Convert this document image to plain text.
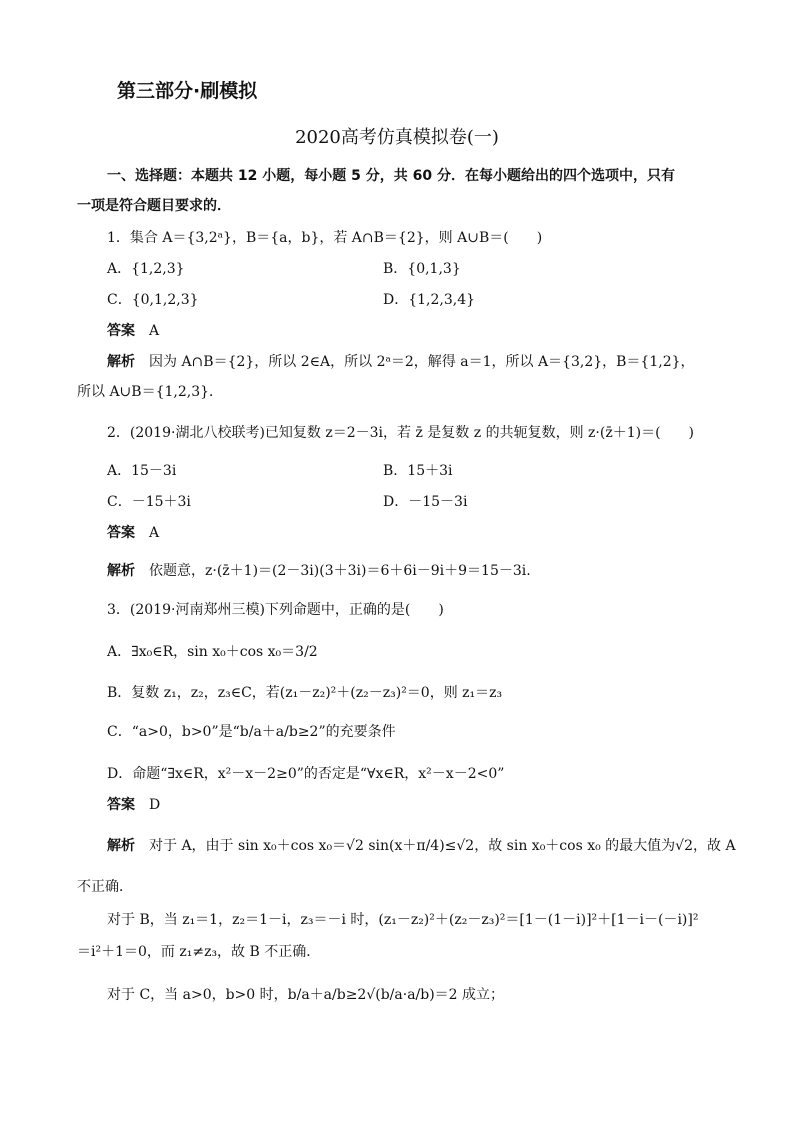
第三部分·刷模拟
2020高考仿真模拟卷(一)
一、选择题：本题共 12 小题，每小题 5 分，共 60 分．在每小题给出的四个选项中，只有
一项是符合题目要求的．
1．集合 A＝{3,2ᵃ}，B＝{a，b}，若 A∩B＝{2}，则 A∪B＝(　　)
A．{1,2,3}	B．{0,1,3}
C．{0,1,2,3}	D．{1,2,3,4}
答案 A
解析 因为 A∩B＝{2}，所以 2∈A，所以 2ᵃ＝2，解得 a＝1，所以 A＝{3,2}，B＝{1,2}，
所以 A∪B＝{1,2,3}．
2．(2019·湖北八校联考)已知复数 z＝2－3i，若 z̄ 是复数 z 的共轭复数，则 z·(z̄＋1)＝(　　)
A．15－3i	B．15＋3i
C．－15＋3i	D．－15－3i
答案 A
解析 依题意，z·(z̄＋1)＝(2－3i)(3＋3i)＝6＋6i－9i＋9＝15－3i.
3．(2019·河南郑州三模)下列命题中，正确的是(　　)
A．∃x₀∈R，sin x₀＋cos x₀＝3/2
B．复数 z₁，z₂，z₃∈C，若(z₁－z₂)²＋(z₂－z₃)²＝0，则 z₁＝z₃
C．“a>0，b>0”是“b/a＋a/b≥2”的充要条件
D．命题“∃x∈R，x²－x－2≥0”的否定是“∀x∈R，x²－x－2<0”
答案 D
解析 对于 A，由于 sin x₀＋cos x₀＝√2 sin(x＋π/4)≤√2，故 sin x₀＋cos x₀ 的最大值为√2，故 A
不正确．
对于 B，当 z₁＝1，z₂＝1－i，z₃＝－i 时，(z₁－z₂)²＋(z₂－z₃)²＝[1－(1－i)]²＋[1－i－(－i)]²
＝i²＋1＝0，而 z₁≠z₃，故 B 不正确．
对于 C，当 a>0，b>0 时，b/a＋a/b≥2√(b/a·a/b)＝2 成立；
